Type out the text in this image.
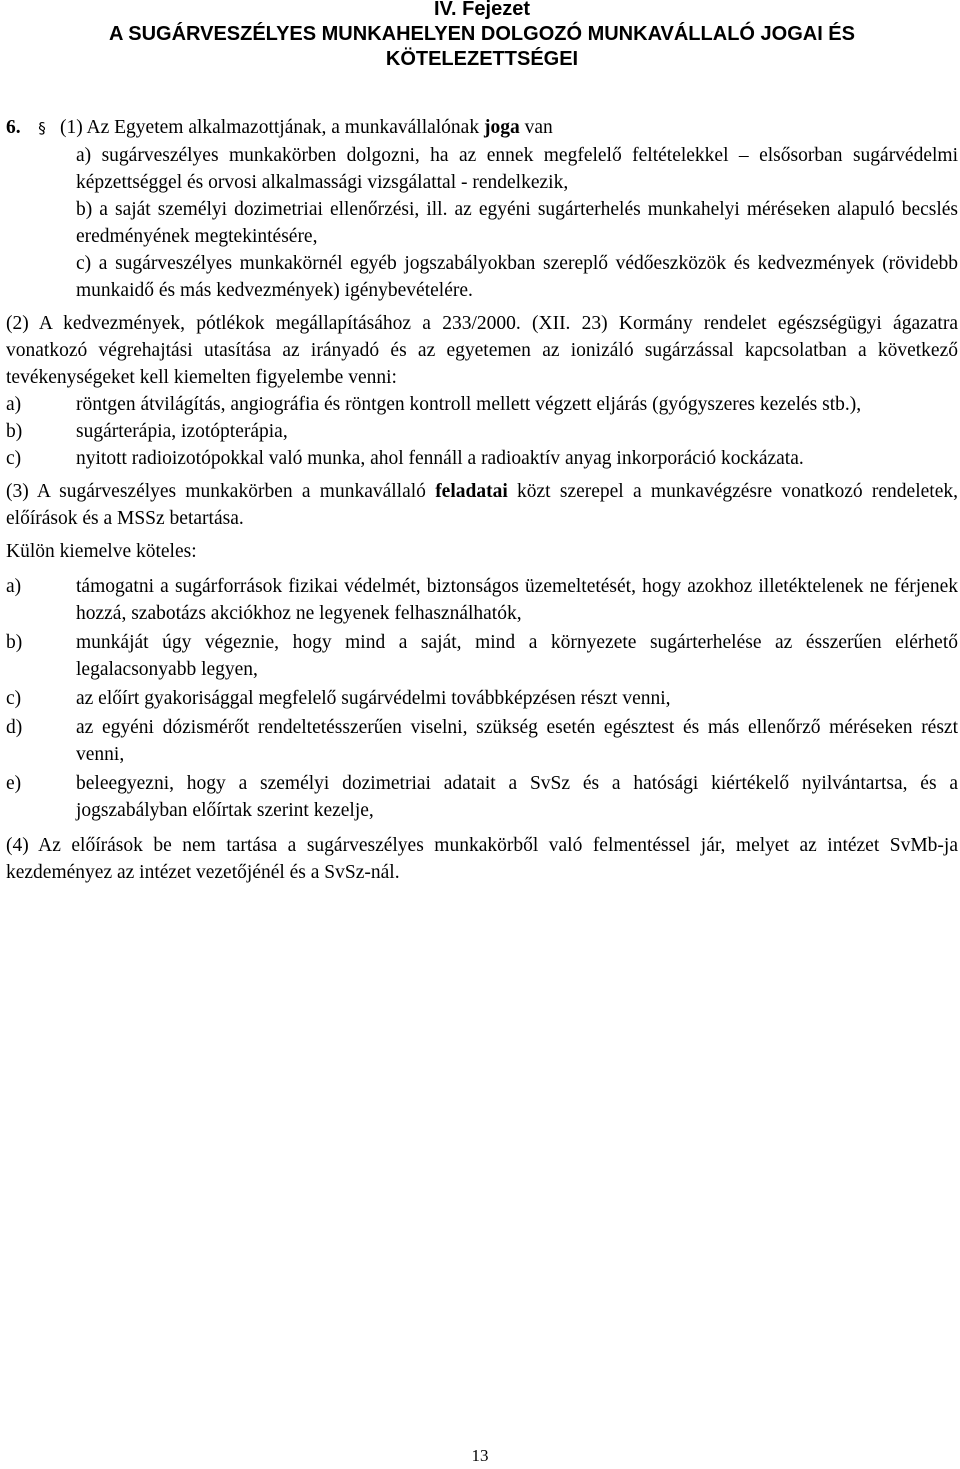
IV. Fejezet
A SUGÁRVESZÉLYES MUNKAHELYEN DOLGOZÓ MUNKAVÁLLALÓ JOGAI ÉS
KÖTELEZETTSÉGEI

6. § (1) Az Egyetem alkalmazottjának, a munkavállalónak joga van

a) sugárveszélyes munkakörben dolgozni, ha az ennek megfelelő feltételekkel – elsősorban sugárvédelmi képzettséggel és orvosi alkalmassági vizsgálattal - rendelkezik,

b) a saját személyi dozimetriai ellenőrzési, ill. az egyéni sugárterhelés munkahelyi méréseken alapuló becslés eredményének megtekintésére,

c) a sugárveszélyes munkakörnél egyéb jogszabályokban szereplő védőeszközök és kedvezmények (rövidebb munkaidő és más kedvezmények) igénybevételére.

(2) A kedvezmények, pótlékok megállapításához a 233/2000. (XII. 23) Kormány rendelet egészségügyi ágazatra vonatkozó végrehajtási utasítása az irányadó és az egyetemen az ionizáló sugárzással kapcsolatban a következő tevékenységeket kell kiemelten figyelembe venni:

a)	röntgen átvilágítás, angiográfia és röntgen kontroll mellett végzett eljárás (gyógyszeres kezelés stb.),
b)	sugárterápia, izotópterápia,
c)	nyitott radioizotópokkal való munka, ahol fennáll a radioaktív anyag inkorporáció kockázata.

(3) A sugárveszélyes munkakörben a munkavállaló feladatai közt szerepel a munkavégzésre vonatkozó rendeletek, előírások és a MSSz betartása.

Külön kiemelve köteles:

a)	támogatni a sugárforrások fizikai védelmét, biztonságos üzemeltetését, hogy azokhoz illetéktelenek ne férjenek hozzá, szabotázs akciókhoz ne legyenek felhasználhatók,
b)	munkáját úgy végeznie, hogy mind a saját, mind a környezete sugárterhelése az ésszerűen elérhető legalacsonyabb legyen,
c)	az előírt gyakorisággal megfelelő sugárvédelmi továbbképzésen részt venni,
d)	az egyéni dózismérőt rendeltetésszerűen viselni, szükség esetén egésztest és más ellenőrző méréseken részt venni,
e)	beleegyezni, hogy a személyi dozimetriai adatait a SvSz és a hatósági kiértékelő nyilvántartsa, és a jogszabályban előírtak szerint kezelje,

(4) Az előírások be nem tartása a sugárveszélyes munkakörből való felmentéssel jár, melyet az intézet SvMb-ja kezdeményez az intézet vezetőjénél és a SvSz-nál.

13
